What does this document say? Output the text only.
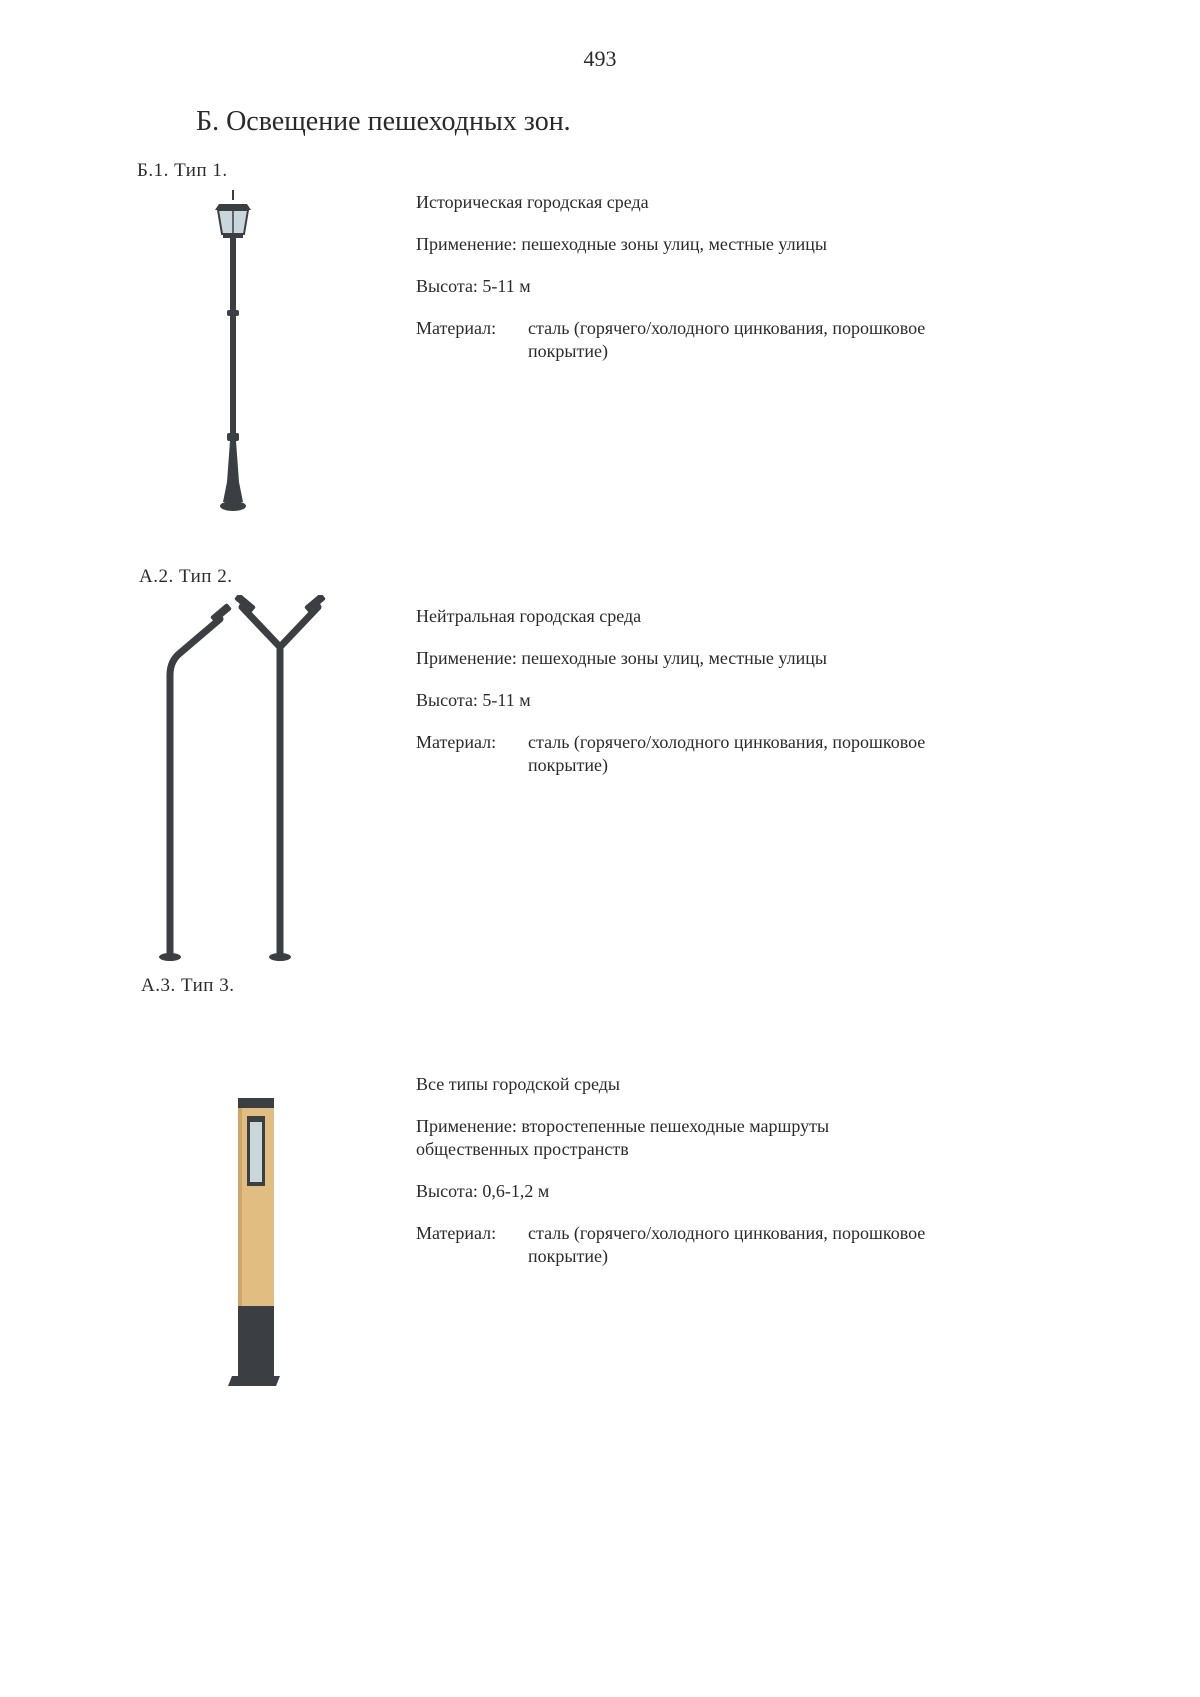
493
Б. Освещение пешеходных зон.
Б.1. Тип 1.

Историческая городская среда

Применение: пешеходные зоны улиц, местные улицы

Высота: 5-11 м

Материал:	сталь (горячего/холодного цинкования, порошковое покрытие)
А.2. Тип 2.

Нейтральная городская среда

Применение: пешеходные зоны улиц, местные улицы

Высота: 5-11 м

Материал:	сталь (горячего/холодного цинкования, порошковое покрытие)
А.3. Тип 3.

Все типы городской среды

Применение: второстепенные пешеходные маршруты общественных пространств

Высота: 0,6-1,2 м

Материал:	сталь (горячего/холодного цинкования, порошковое покрытие)
